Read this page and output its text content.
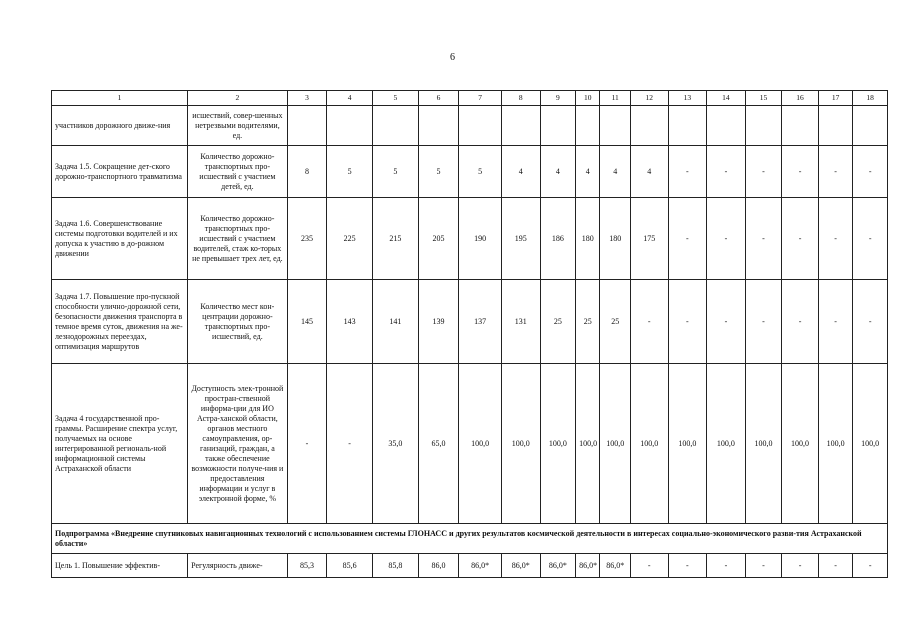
6
1	2	3	4	5	6	7	8	9	10	11	12	13	14	15	16	17	18
участников дорожного движе-ния	исшествий, совер-шенных нетрезвыми водителями, ед.																
Задача 1.5. Сокращение дет-ского дорожно-транспортного травматизма	Количество дорожно-транспортных про-исшествий с участием детей, ед.	8	5	5	5	5	4	4	4	4	4	-	-	-	-	-	-
Задача 1.6. Совершенствование системы подготовки водителей и их допуска к участию в до-рожном движении	Количество дорожно-транспортных про-исшествий с участием водителей, стаж ко-торых не превышает трех лет, ед.	235	225	215	205	190	195	186	180	180	175	-	-	-	-	-	-
Задача 1.7. Повышение про-пускной способности улично-дорожной сети, безопасности движения транспорта в темное время суток, движения на же-лезнодорожных переездах, оптимизация маршрутов	Количество мест кон-центрации дорожно-транспортных про-исшествий, ед.	145	143	141	139	137	131	25	25	25	-	-	-	-	-	-	-
Задача 4 государственной про-граммы. Расширение спектра услуг, получаемых на основе интегрированной региональ-ной информационной системы Астраханской области	Доступность элек-тронной простран-ственной информа-ции для ИО Астра-ханской области, органов местного самоуправления, ор-ганизаций, граждан, а также обеспечение возможности получе-ния и предоставления информации и услуг в электронной форме, %	-	-	35,0	65,0	100,0	100,0	100,0	100,0	100,0	100,0	100,0	100,0	100,0	100,0	100,0	100,0
Подпрограмма «Внедрение спутниковых навигационных технологий с использованием системы ГЛОНАСС и других результатов космической деятельности в интересах социально-экономического разви-тия Астраханской области»																	
Цель 1. Повышение эффектив-	Регулярность движе-	85,3	85,6	85,8	86,0	86,0*	86,0*	86,0*	86,0*	86,0*	-	-	-	-	-	-	-
